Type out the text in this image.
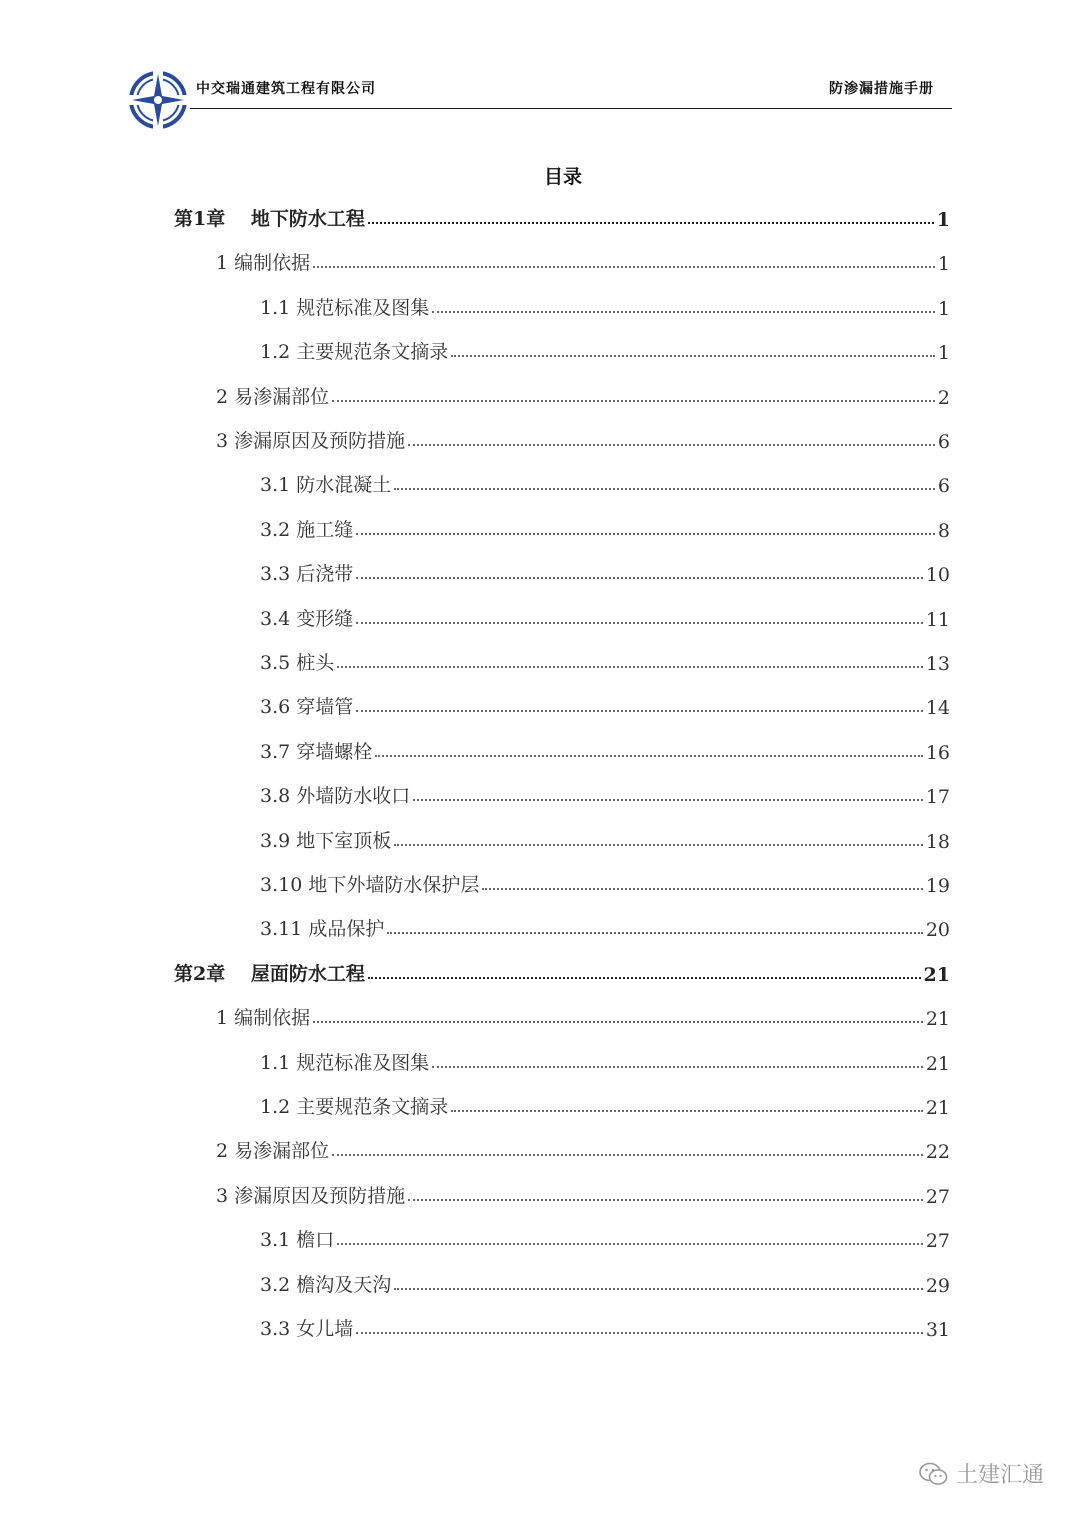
中交瑞通建筑工程有限公司	防渗漏措施手册
目录
第1章　 地下防水工程	1
1 编制依据	1
1.1 规范标准及图集	1
1.2 主要规范条文摘录	1
2 易渗漏部位	2
3 渗漏原因及预防措施	6
3.1 防水混凝土	6
3.2 施工缝	8
3.3 后浇带	10
3.4 变形缝	11
3.5 桩头	13
3.6 穿墙管	14
3.7 穿墙螺栓	16
3.8 外墙防水收口	17
3.9 地下室顶板	18
3.10 地下外墙防水保护层	19
3.11 成品保护	20
第2章　 屋面防水工程	21
1 编制依据	21
1.1 规范标准及图集	21
1.2 主要规范条文摘录	21
2 易渗漏部位	22
3 渗漏原因及预防措施	27
3.1 檐口	27
3.2 檐沟及天沟	29
3.3 女儿墙	31
土建汇通
